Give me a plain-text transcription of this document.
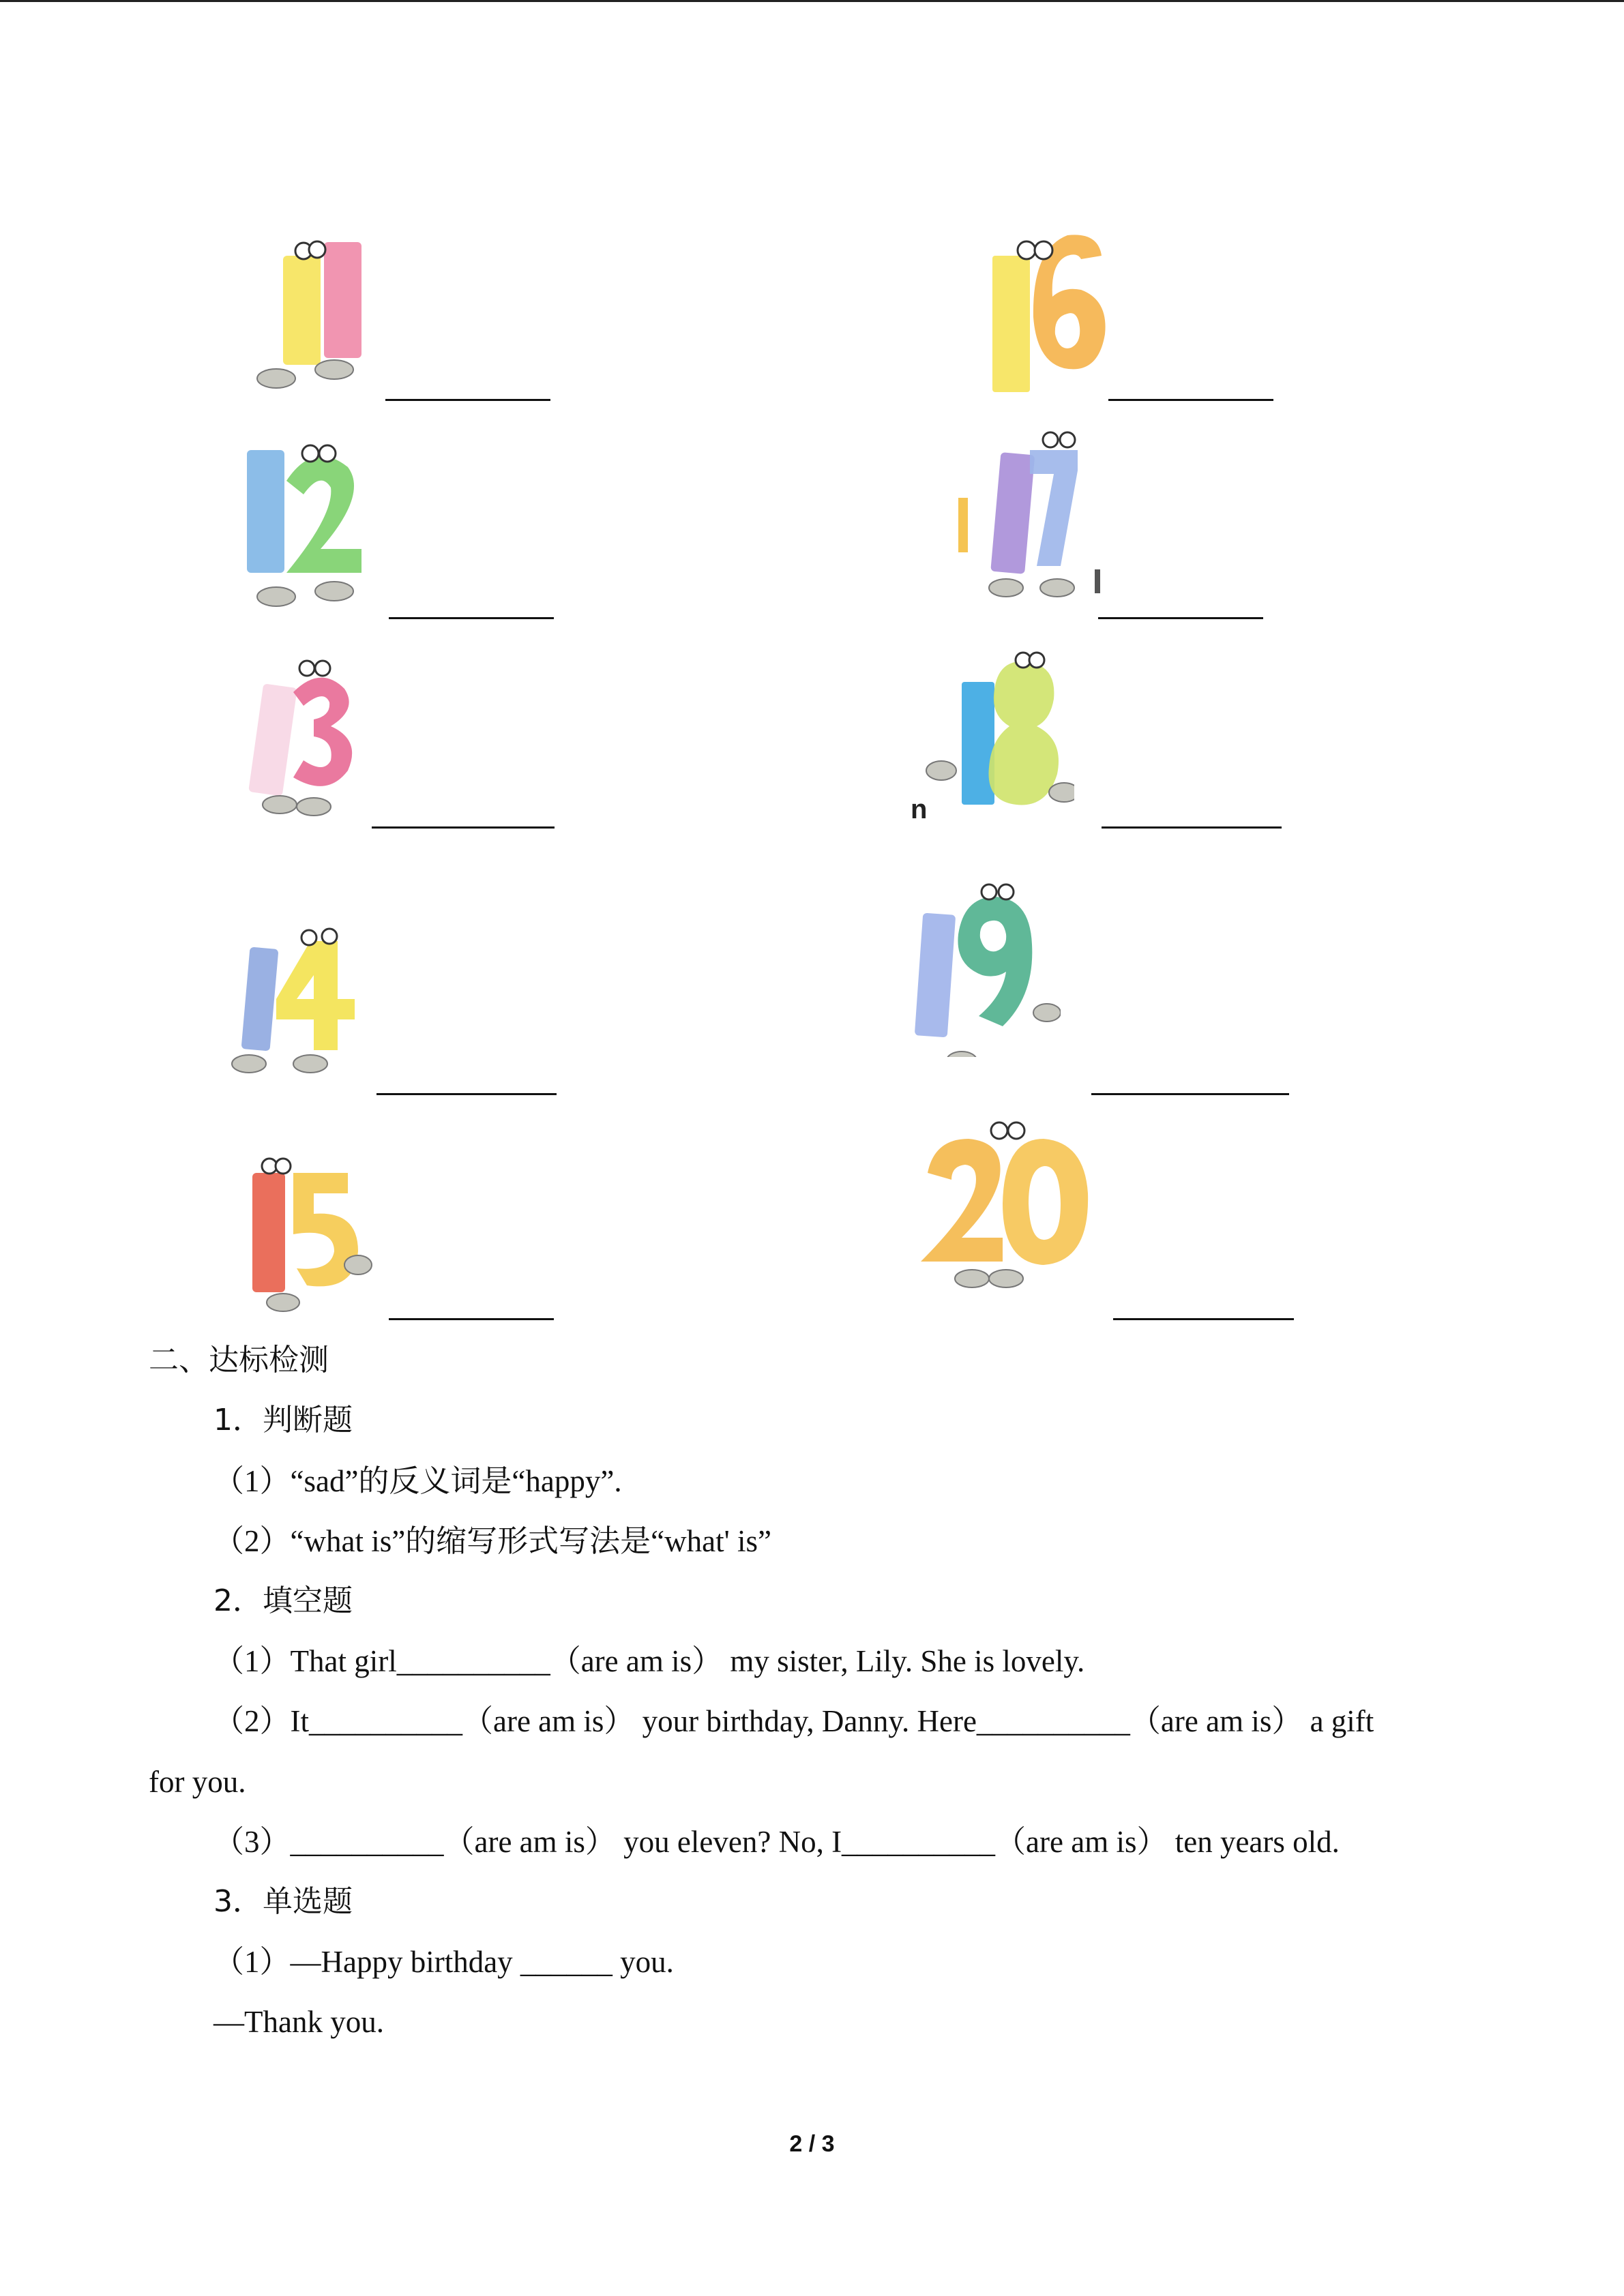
n
二、达标检测
1．判断题
（1）“sad”的反义词是“happy”.
（2）“what is”的缩写形式写法是“what' is”
2．填空题
（1）That girl__________（are am is） my sister, Lily. She is lovely.
（2）It__________（are am is） your birthday, Danny. Here__________（are am is） a gift
for you.
（3）__________（are am is） you eleven? No, I__________（are am is） ten years old.
3．单选题
（1）—Happy birthday ______ you.
—Thank you.
2 / 3
